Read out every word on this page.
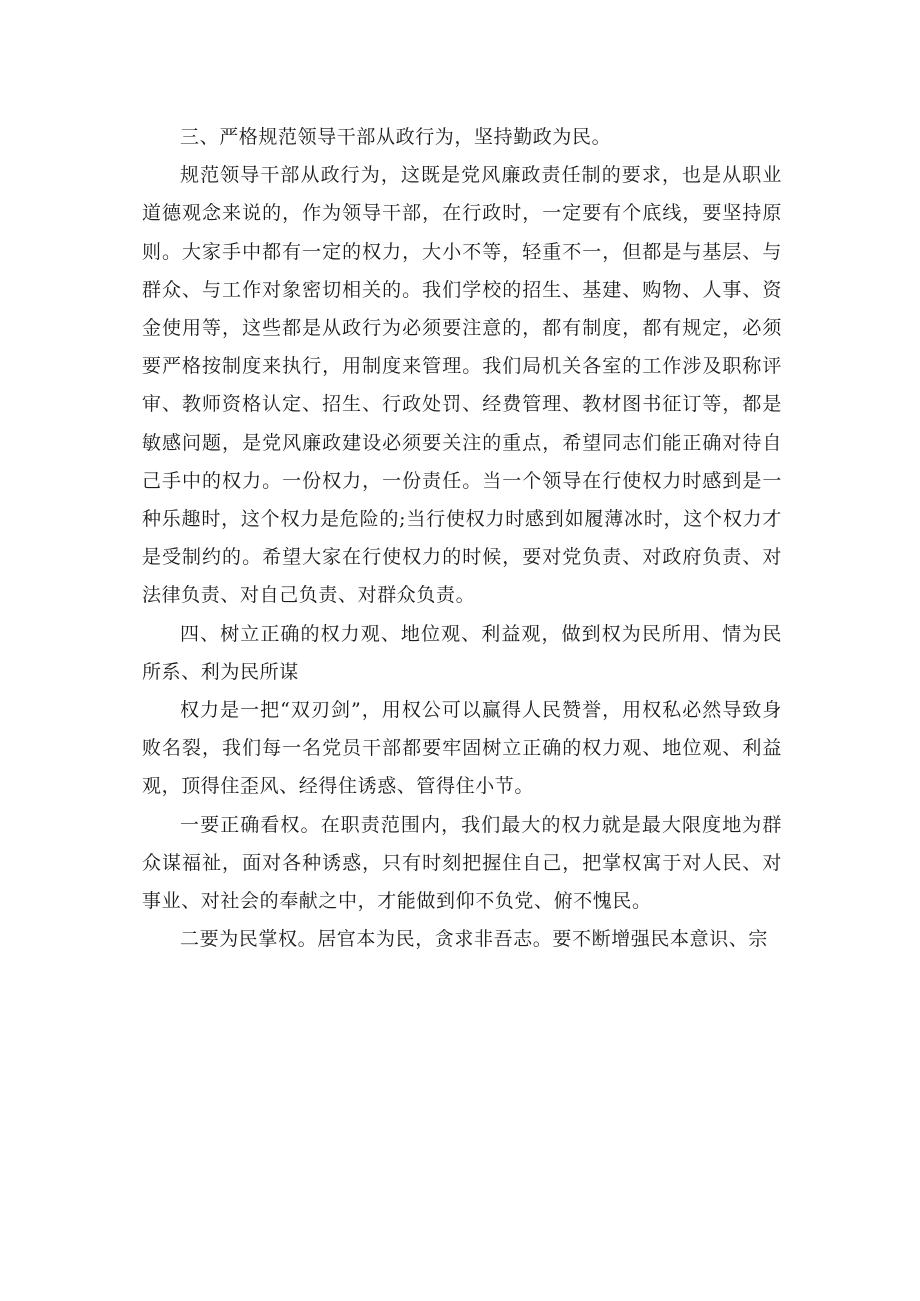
三、严格规范领导干部从政行为，坚持勤政为民。

规范领导干部从政行为，这既是党风廉政责任制的要求，也是从职业道德观念来说的，作为领导干部，在行政时，一定要有个底线，要坚持原则。大家手中都有一定的权力，大小不等，轻重不一，但都是与基层、与群众、与工作对象密切相关的。我们学校的招生、基建、购物、人事、资金使用等，这些都是从政行为必须要注意的，都有制度，都有规定，必须要严格按制度来执行，用制度来管理。我们局机关各室的工作涉及职称评审、教师资格认定、招生、行政处罚、经费管理、教材图书征订等，都是敏感问题，是党风廉政建设必须要关注的重点，希望同志们能正确对待自己手中的权力。一份权力，一份责任。当一个领导在行使权力时感到是一种乐趣时，这个权力是危险的;当行使权力时感到如履薄冰时，这个权力才是受制约的。希望大家在行使权力的时候，要对党负责、对政府负责、对法律负责、对自己负责、对群众负责。

四、树立正确的权力观、地位观、利益观，做到权为民所用、情为民所系、利为民所谋

权力是一把“双刃剑”，用权公可以赢得人民赞誉，用权私必然导致身败名裂，我们每一名党员干部都要牢固树立正确的权力观、地位观、利益观，顶得住歪风、经得住诱惑、管得住小节。

一要正确看权。在职责范围内，我们最大的权力就是最大限度地为群众谋福祉，面对各种诱惑，只有时刻把握住自己，把掌权寓于对人民、对事业、对社会的奉献之中，才能做到仰不负党、俯不愧民。

二要为民掌权。居官本为民，贪求非吾志。要不断增强民本意识、宗
